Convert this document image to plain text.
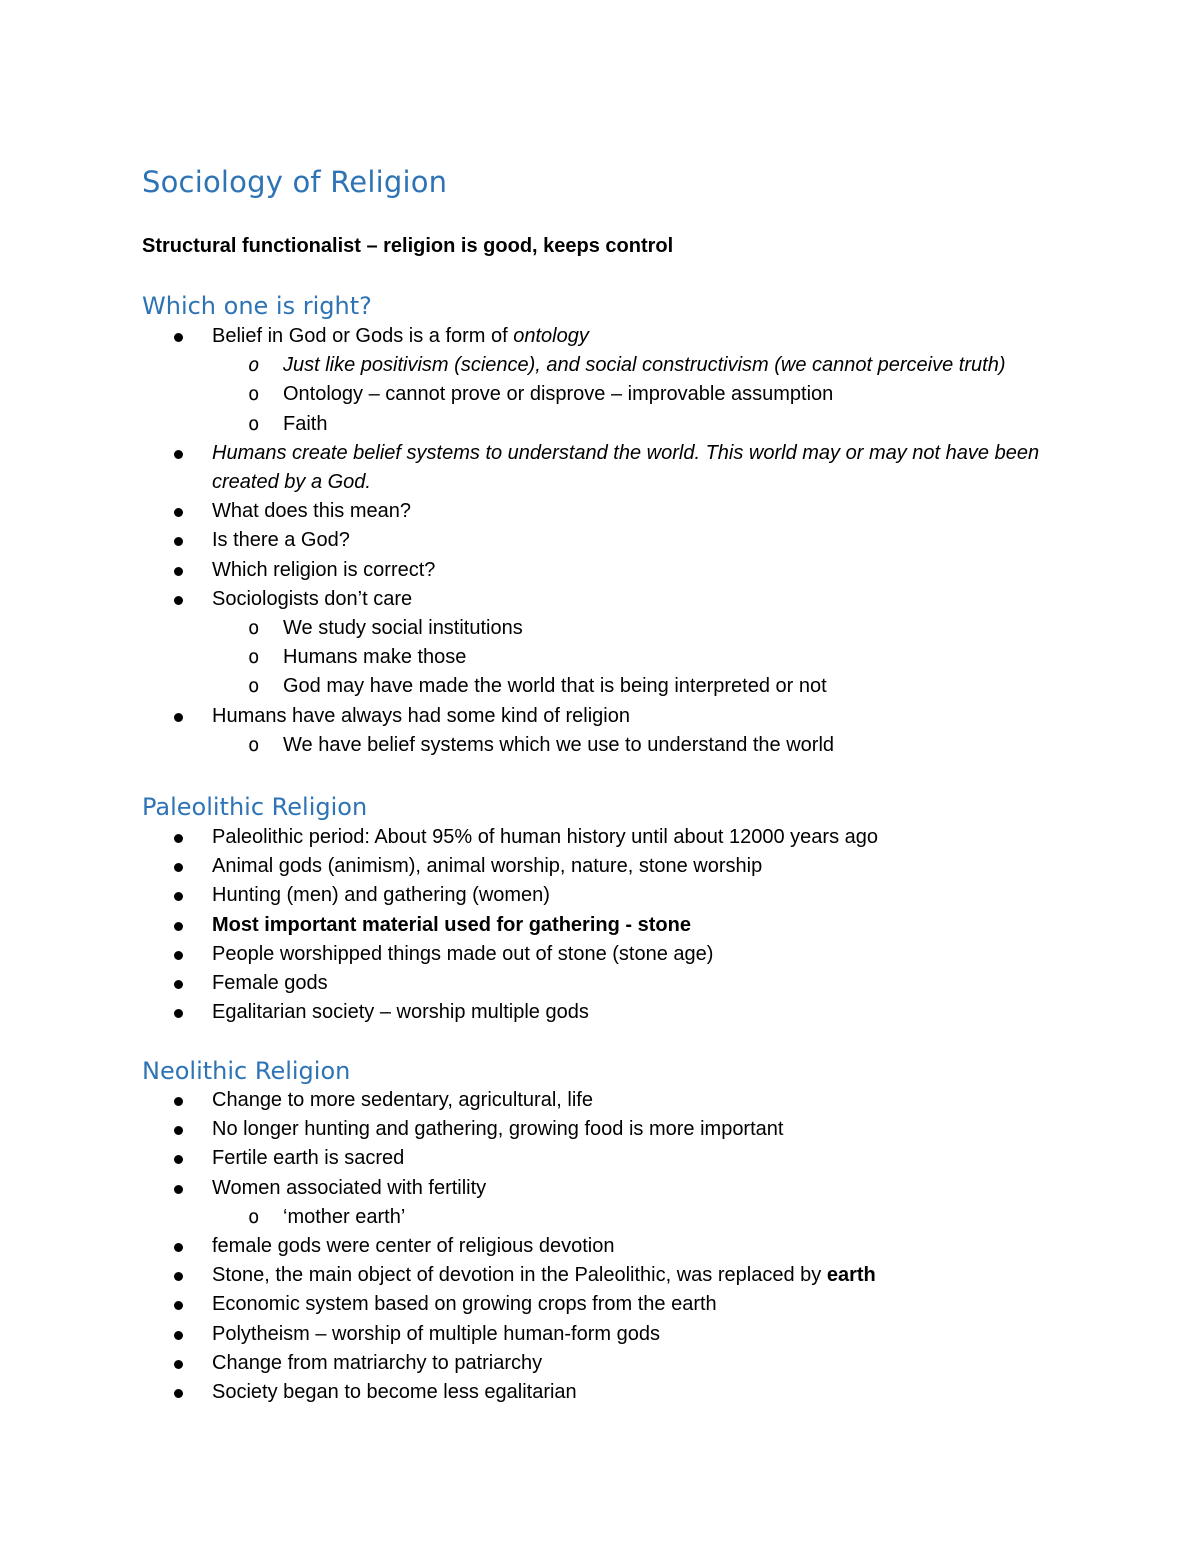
Sociology of Religion

Structural functionalist – religion is good, keeps control

Which one is right?
Belief in God or Gods is a form of ontology
o Just like positivism (science), and social constructivism (we cannot perceive truth)
o Ontology – cannot prove or disprove – improvable assumption
o Faith
Humans create belief systems to understand the world. This world may or may not have been created by a God.
What does this mean?
Is there a God?
Which religion is correct?
Sociologists don’t care
o We study social institutions
o Humans make those
o God may have made the world that is being interpreted or not
Humans have always had some kind of religion
o We have belief systems which we use to understand the world
Paleolithic Religion
Paleolithic period: About 95% of human history until about 12000 years ago
Animal gods (animism), animal worship, nature, stone worship
Hunting (men) and gathering (women)
Most important material used for gathering - stone
People worshipped things made out of stone (stone age)
Female gods
Egalitarian society – worship multiple gods
Neolithic Religion
Change to more sedentary, agricultural, life
No longer hunting and gathering, growing food is more important
Fertile earth is sacred
Women associated with fertility
o ‘mother earth’
female gods were center of religious devotion
Stone, the main object of devotion in the Paleolithic, was replaced by earth
Economic system based on growing crops from the earth
Polytheism – worship of multiple human-form gods
Change from matriarchy to patriarchy
Society began to become less egalitarian
